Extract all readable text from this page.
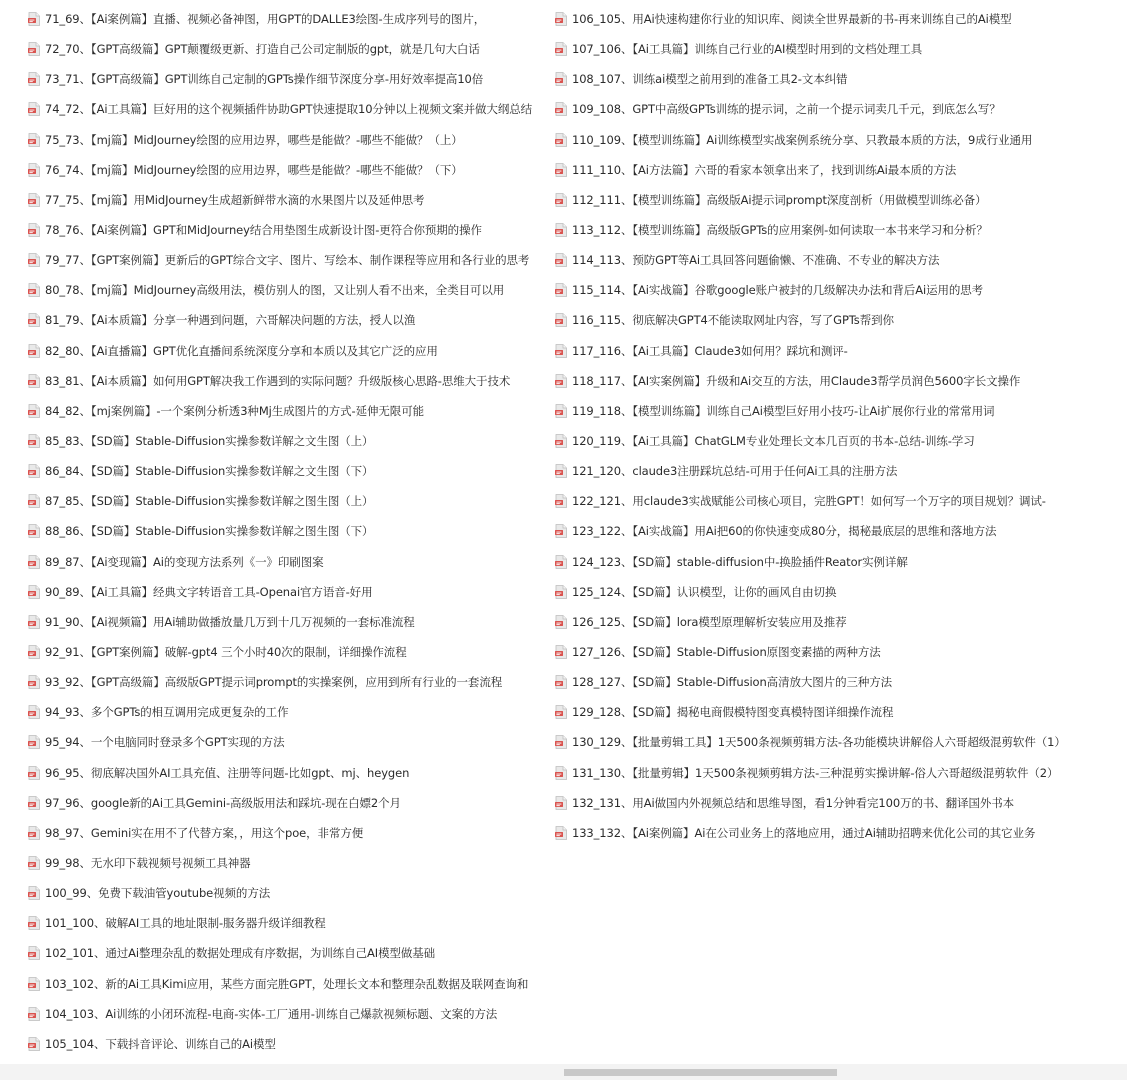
71_69、【Ai案例篇】直播、视频必备神图，用GPT的DALLE3绘图-生成序列号的图片，
72_70、【GPT高级篇】GPT颠覆级更新、打造自己公司定制版的gpt，就是几句大白话
73_71、【GPT高级篇】GPT训练自己定制的GPTs操作细节深度分享-用好效率提高10倍
74_72、【Ai工具篇】巨好用的这个视频插件协助GPT快速提取10分钟以上视频文案并做大纲总结
75_73、【mj篇】MidJourney绘图的应用边界，哪些是能做？-哪些不能做？（上）
76_74、【mj篇】MidJourney绘图的应用边界，哪些是能做？-哪些不能做？（下）
77_75、【mj篇】用MidJourney生成超新鲜带水滴的水果图片以及延伸思考
78_76、【Ai案例篇】GPT和MidJourney结合用垫图生成新设计图-更符合你预期的操作
79_77、【GPT案例篇】更新后的GPT综合文字、图片、写绘本、制作课程等应用和各行业的思考
80_78、【mj篇】MidJourney高级用法，模仿别人的图，又让别人看不出来，全类目可以用
81_79、【Ai本质篇】分享一种遇到问题，六哥解决问题的方法，授人以渔
82_80、【Ai直播篇】GPT优化直播间系统深度分享和本质以及其它广泛的应用
83_81、【Ai本质篇】如何用GPT解决我工作遇到的实际问题？升级版核心思路-思维大于技术
84_82、【mj案例篇】-一个案例分析透3种Mj生成图片的方式-延伸无限可能
85_83、【SD篇】Stable-Diffusion实操参数详解之文生图（上）
86_84、【SD篇】Stable-Diffusion实操参数详解之文生图（下）
87_85、【SD篇】Stable-Diffusion实操参数详解之图生图（上）
88_86、【SD篇】Stable-Diffusion实操参数详解之图生图（下）
89_87、【Ai变现篇】Ai的变现方法系列《一》印刷图案
90_89、【Ai工具篇】经典文字转语音工具-Openai官方语音-好用
91_90、【Ai视频篇】用Ai辅助做播放量几万到十几万视频的一套标准流程
92_91、【GPT案例篇】破解-gpt4 三个小时40次的限制，详细操作流程
93_92、【GPT高级篇】高级版GPT提示词prompt的实操案例，应用到所有行业的一套流程
94_93、多个GPTs的相互调用完成更复杂的工作
95_94、一个电脑同时登录多个GPT实现的方法
96_95、彻底解决国外AI工具充值、注册等问题-比如gpt、mj、heygen
97_96、google新的Ai工具Gemini-高级版用法和踩坑-现在白嫖2个月
98_97、Gemini实在用不了代替方案，，用这个poe，非常方便
99_98、无水印下载视频号视频工具神器
100_99、免费下载油管youtube视频的方法
101_100、破解AI工具的地址限制-服务器升级详细教程
102_101、通过Ai整理杂乱的数据处理成有序数据，为训练自己AI模型做基础
103_102、新的Ai工具Kimi应用，某些方面完胜GPT，处理长文本和整理杂乱数据及联网查询和
104_103、Ai训练的小闭环流程-电商-实体-工厂通用-训练自己爆款视频标题、文案的方法
105_104、下载抖音评论、训练自己的Ai模型
106_105、用Ai快速构建你行业的知识库、阅读全世界最新的书-再来训练自己的Ai模型
107_106、【Ai工具篇】训练自己行业的AI模型时用到的文档处理工具
108_107、训练ai模型之前用到的准备工具2-文本纠错
109_108、GPT中高级GPTs训练的提示词，之前一个提示词卖几千元，到底怎么写？
110_109、【模型训练篇】Ai训练模型实战案例系统分享、只教最本质的方法，9成行业通用
111_110、【Ai方法篇】六哥的看家本领拿出来了，找到训练Ai最本质的方法
112_111、【模型训练篇】高级版Ai提示词prompt深度剖析（用做模型训练必备）
113_112、【模型训练篇】高级版GPTs的应用案例-如何读取一本书来学习和分析？
114_113、预防GPT等Ai工具回答问题偷懒、不准确、不专业的解决方法
115_114、【Ai实战篇】谷歌google账户被封的几级解决办法和背后Ai运用的思考
116_115、彻底解决GPT4不能读取网址内容，写了GPTs帮到你
117_116、【Ai工具篇】Claude3如何用？踩坑和测评-
118_117、【AI实案例篇】升级和Ai交互的方法，用Claude3帮学员润色5600字长文操作
119_118、【模型训练篇】训练自己Ai模型巨好用小技巧-让Ai扩展你行业的常常用词
120_119、【Ai工具篇】ChatGLM专业处理长文本几百页的书本-总结-训练-学习
121_120、claude3注册踩坑总结-可用于任何Ai工具的注册方法
122_121、用claude3实战赋能公司核心项目，完胜GPT！如何写一个万字的项目规划？调试-
123_122、【Ai实战篇】用Ai把60的你快速变成80分，揭秘最底层的思维和落地方法
124_123、【SD篇】stable-diffusion中-换脸插件Reator实例详解
125_124、【SD篇】认识模型，让你的画风自由切换
126_125、【SD篇】lora模型原理解析安装应用及推荐
127_126、【SD篇】Stable-Diffusion原图变素描的两种方法
128_127、【SD篇】Stable-Diffusion高清放大图片的三种方法
129_128、【SD篇】揭秘电商假模特图变真模特图详细操作流程
130_129、【批量剪辑工具】1天500条视频剪辑方法-各功能模块讲解俗人六哥超级混剪软件（1）
131_130、【批量剪辑】1天500条视频剪辑方法-三种混剪实操讲解-俗人六哥超级混剪软件（2）
132_131、用Ai做国内外视频总结和思维导图，看1分钟看完100万的书、翻译国外书本
133_132、【Ai案例篇】Ai在公司业务上的落地应用，通过Ai辅助招聘来优化公司的其它业务
